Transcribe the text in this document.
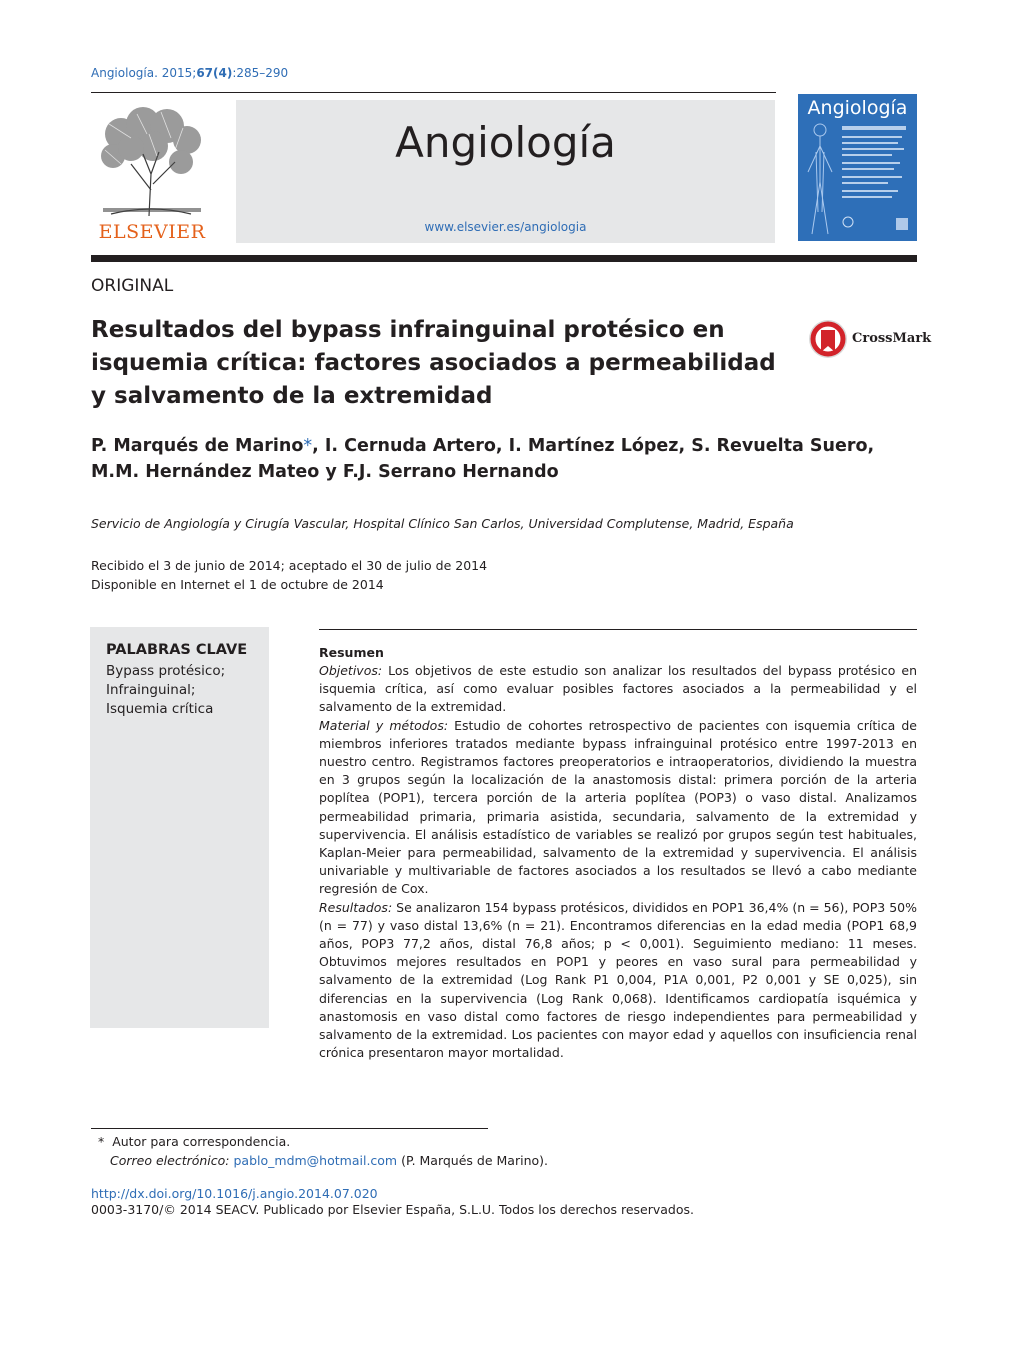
Angiología. 2015;67(4):285–290
ELSEVIER
Angiología
www.elsevier.es/angiologia
Angiología
ORIGINAL
Resultados del bypass infrainguinal protésico en isquemia crítica: factores asociados a permeabilidad y salvamento de la extremidad
CrossMark
P. Marqués de Marino*, I. Cernuda Artero, I. Martínez López, S. Revuelta Suero,
M.M. Hernández Mateo y F.J. Serrano Hernando
Servicio de Angiología y Cirugía Vascular, Hospital Clínico San Carlos, Universidad Complutense, Madrid, España
Recibido el 3 de junio de 2014; aceptado el 30 de julio de 2014
Disponible en Internet el 1 de octubre de 2014
PALABRAS CLAVE
Bypass protésico;
Infrainguinal;
Isquemia crítica
Resumen

Objetivos: Los objetivos de este estudio son analizar los resultados del bypass protésico en isquemia crítica, así como evaluar posibles factores asociados a la permeabilidad y el salvamento de la extremidad.

Material y métodos: Estudio de cohortes retrospectivo de pacientes con isquemia crítica de miembros inferiores tratados mediante bypass infrainguinal protésico entre 1997-2013 en nuestro centro. Registramos factores preoperatorios e intraoperatorios, dividiendo la muestra en 3 grupos según la localización de la anastomosis distal: primera porción de la arteria poplítea (POP1), tercera porción de la arteria poplítea (POP3) o vaso distal. Analizamos permeabilidad primaria, primaria asistida, secundaria, salvamento de la extremidad y supervivencia. El análisis estadístico de variables se realizó por grupos según test habituales, Kaplan-Meier para permeabilidad, salvamento de la extremidad y supervivencia. El análisis univariable y multivariable de factores asociados a los resultados se llevó a cabo mediante regresión de Cox.

Resultados: Se analizaron 154 bypass protésicos, divididos en POP1 36,4% (n = 56), POP3 50% (n = 77) y vaso distal 13,6% (n = 21). Encontramos diferencias en la edad media (POP1 68,9 años, POP3 77,2 años, distal 76,8 años; p < 0,001). Seguimiento mediano: 11 meses. Obtuvimos mejores resultados en POP1 y peores en vaso sural para permeabilidad y salvamento de la extremidad (Log Rank P1 0,004, P1A 0,001, P2 0,001 y SE 0,025), sin diferencias en la supervivencia (Log Rank 0,068). Identificamos cardiopatía isquémica y anastomosis en vaso distal como factores de riesgo independientes para permeabilidad y salvamento de la extremidad. Los pacientes con mayor edad y aquellos con insuficiencia renal crónica presentaron mayor mortalidad.

* Autor para correspondencia.
Correo electrónico: pablo_mdm@hotmail.com (P. Marqués de Marino).
http://dx.doi.org/10.1016/j.angio.2014.07.020
0003-3170/© 2014 SEACV. Publicado por Elsevier España, S.L.U. Todos los derechos reservados.
